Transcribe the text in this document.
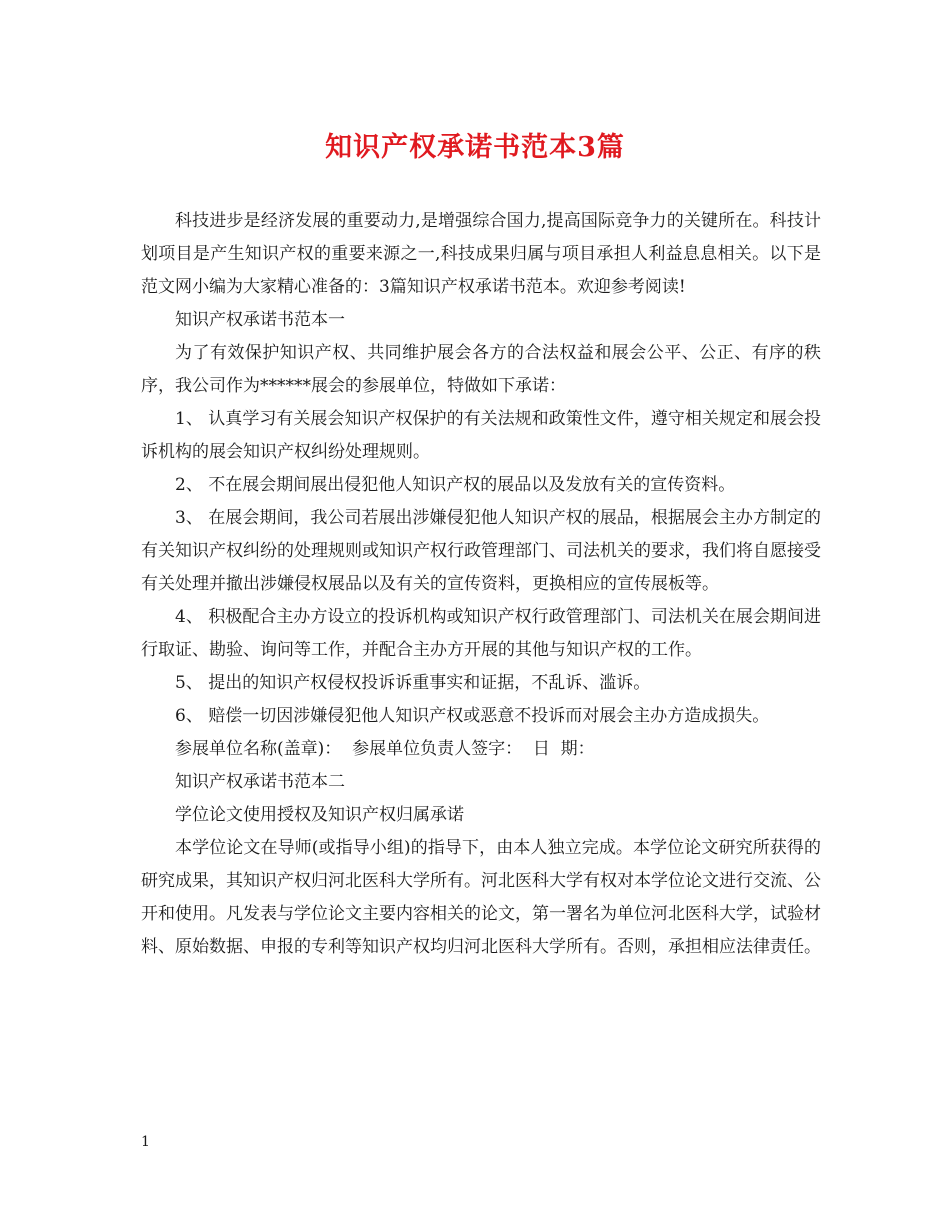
知识产权承诺书范本3篇

科技进步是经济发展的重要动力,是增强综合国力,提高国际竞争力的关键所在。科技计划项目是产生知识产权的重要来源之一,科技成果归属与项目承担人利益息息相关。以下是范文网小编为大家精心准备的：3篇知识产权承诺书范本。欢迎参考阅读!

知识产权承诺书范本一

为了有效保护知识产权、共同维护展会各方的合法权益和展会公平、公正、有序的秩序，我公司作为******展会的参展单位，特做如下承诺：

1、 认真学习有关展会知识产权保护的有关法规和政策性文件，遵守相关规定和展会投诉机构的展会知识产权纠纷处理规则。

2、 不在展会期间展出侵犯他人知识产权的展品以及发放有关的宣传资料。

3、 在展会期间，我公司若展出涉嫌侵犯他人知识产权的展品，根据展会主办方制定的有关知识产权纠纷的处理规则或知识产权行政管理部门、司法机关的要求，我们将自愿接受有关处理并撤出涉嫌侵权展品以及有关的宣传资料，更换相应的宣传展板等。

4、 积极配合主办方设立的投诉机构或知识产权行政管理部门、司法机关在展会期间进行取证、勘验、询问等工作，并配合主办方开展的其他与知识产权的工作。

5、 提出的知识产权侵权投诉诉重事实和证据，不乱诉、滥诉。

6、 赔偿一切因涉嫌侵犯他人知识产权或恶意不投诉而对展会主办方造成损失。

参展单位名称(盖章)：  参展单位负责人签字：  日  期：

知识产权承诺书范本二

学位论文使用授权及知识产权归属承诺

本学位论文在导师(或指导小组)的指导下，由本人独立完成。本学位论文研究所获得的研究成果，其知识产权归河北医科大学所有。河北医科大学有权对本学位论文进行交流、公开和使用。凡发表与学位论文主要内容相关的论文，第一署名为单位河北医科大学，试验材料、原始数据、申报的专利等知识产权均归河北医科大学所有。否则，承担相应法律责任。

1
